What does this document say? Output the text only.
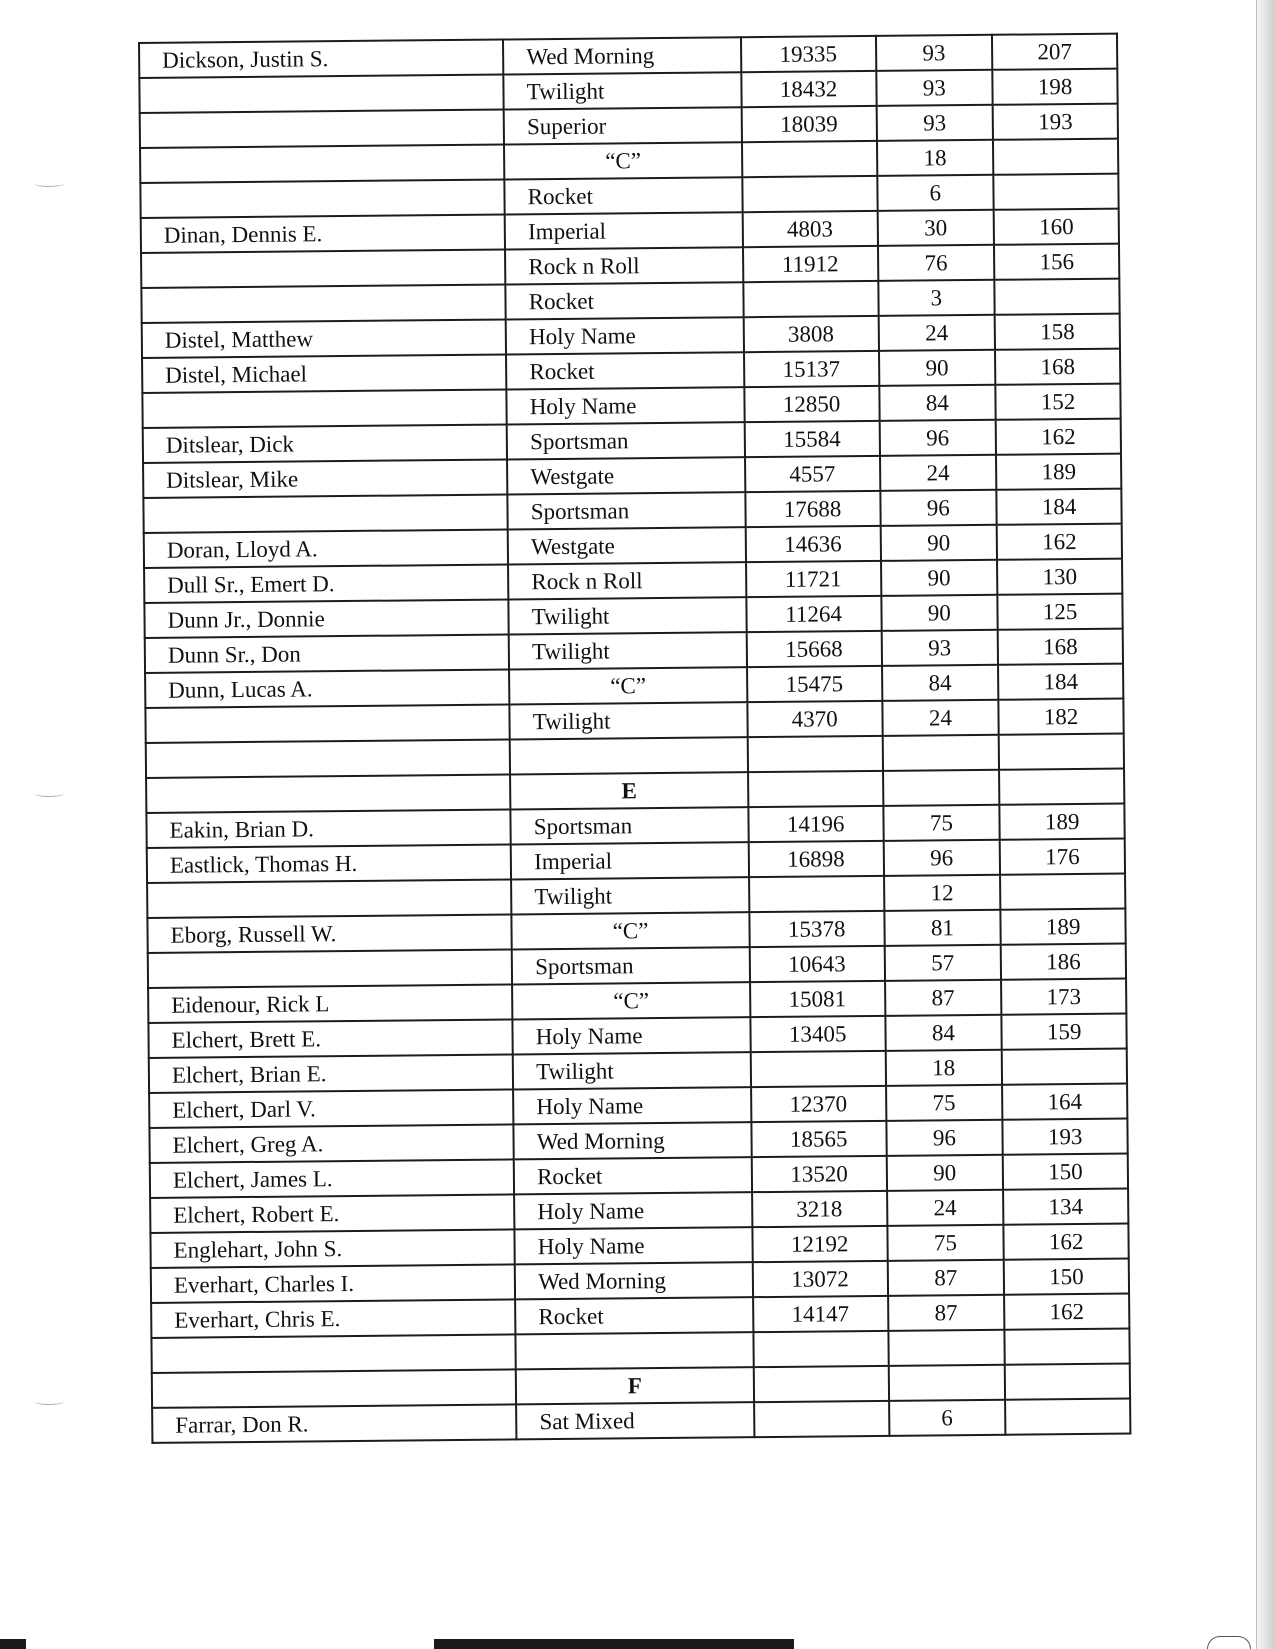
Dickson, Justin S.	Wed Morning	19335	93	207
	Twilight	18432	93	198
	Superior	18039	93	193
	“C”		18	
	Rocket		6	
Dinan, Dennis E.	Imperial	4803	30	160
	Rock n Roll	11912	76	156
	Rocket		3	
Distel, Matthew	Holy Name	3808	24	158
Distel, Michael	Rocket	15137	90	168
	Holy Name	12850	84	152
Ditslear, Dick	Sportsman	15584	96	162
Ditslear, Mike	Westgate	4557	24	189
	Sportsman	17688	96	184
Doran, Lloyd A.	Westgate	14636	90	162
Dull Sr., Emert D.	Rock n Roll	11721	90	130
Dunn Jr., Donnie	Twilight	11264	90	125
Dunn Sr., Don	Twilight	15668	93	168
Dunn, Lucas A.	“C”	15475	84	184
	Twilight	4370	24	182

	E			
Eakin, Brian D.	Sportsman	14196	75	189
Eastlick, Thomas H.	Imperial	16898	96	176
	Twilight		12	
Eborg, Russell W.	“C”	15378	81	189
	Sportsman	10643	57	186
Eidenour, Rick L	“C”	15081	87	173
Elchert, Brett E.	Holy Name	13405	84	159
Elchert, Brian E.	Twilight		18	
Elchert, Darl V.	Holy Name	12370	75	164
Elchert, Greg A.	Wed Morning	18565	96	193
Elchert, James L.	Rocket	13520	90	150
Elchert, Robert E.	Holy Name	3218	24	134
Englehart, John S.	Holy Name	12192	75	162
Everhart, Charles I.	Wed Morning	13072	87	150
Everhart, Chris E.	Rocket	14147	87	162

	F			
Farrar, Don R.	Sat Mixed		6	
